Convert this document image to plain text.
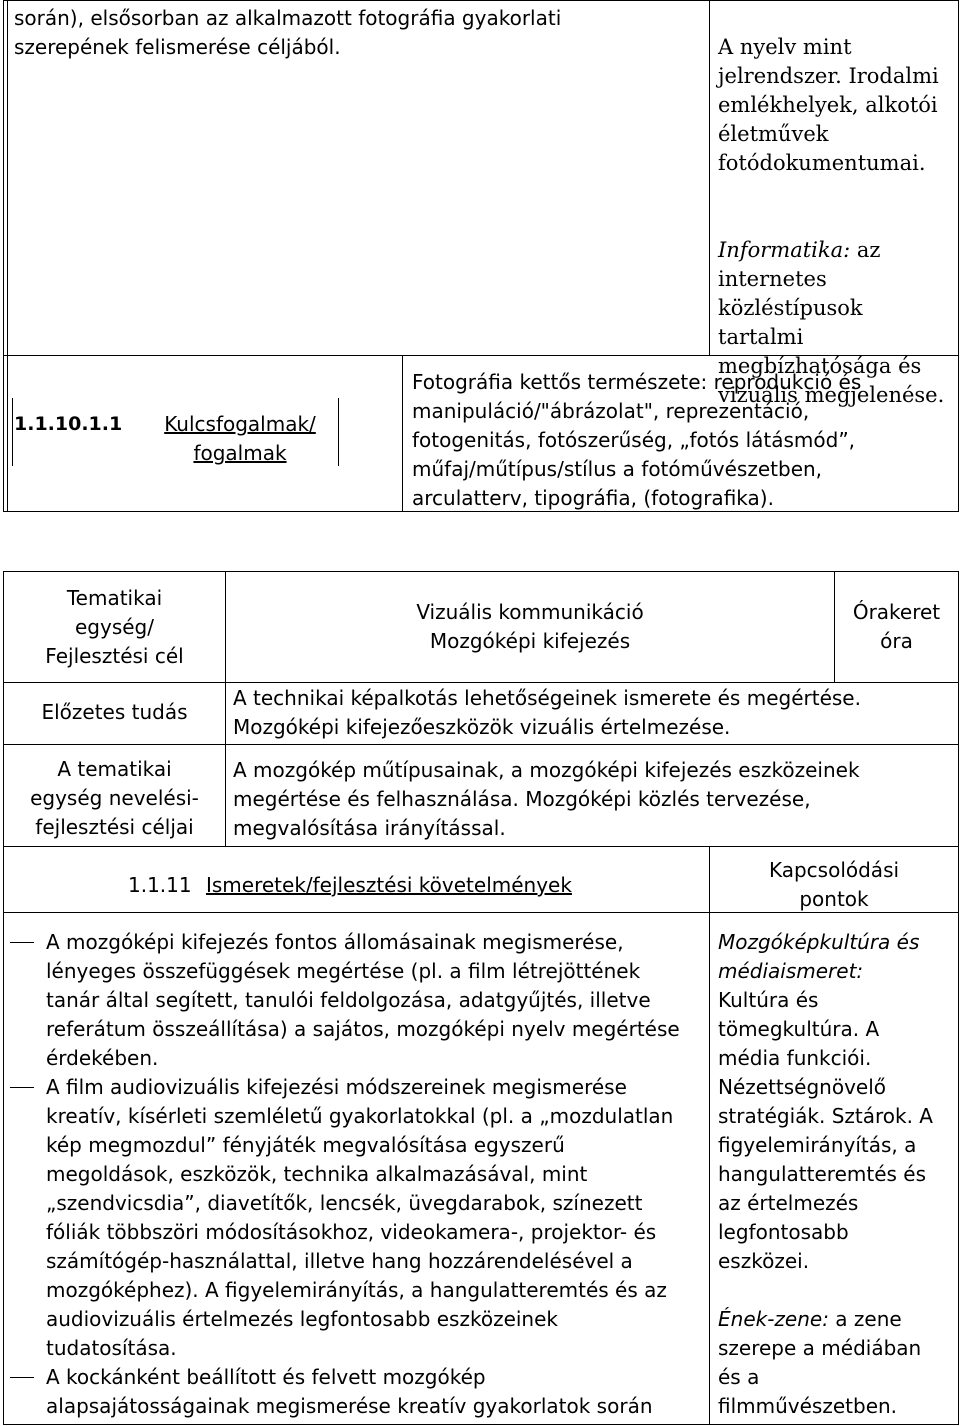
során), elsősorban az alkalmazott fotográfia gyakorlati
szerepének felismerése céljából.	A nyelv mint
jelrendszer. Irodalmi
emlékhelyek, alkotói
életművek
fotódokumentumai.

Informatika: az
internetes
közléstípusok
tartalmi
megbízhatósága és
vizuális megjelenése.

1.1.10.1.1	Kulcsfogalmak/
fogalmak
Fotográfia kettős természete: reprodukció és
manipuláció/"ábrázolat", reprezentáció,
fotogenitás, fotószerűség, „fotós látásmód”,
műfaj/műtípus/stílus a fotóművészetben,
arculatterv, tipográfia, (fotografika).
Tematikai
egység/
Fejlesztési cél
Vizuális kommunikáció
Mozgóképi kifejezés
Órakeret
óra
Előzetes tudás
A technikai képalkotás lehetőségeinek ismerete és megértése.
Mozgóképi kifejezőeszközök vizuális értelmezése.
A tematikai
egység nevelési-
fejlesztési céljai
A mozgókép műtípusainak, a mozgóképi kifejezés eszközeinek
megértése és felhasználása. Mozgóképi közlés tervezése,
megvalósítása irányítással.
1.1.11 Ismeretek/fejlesztési követelmények
Kapcsolódási
pontok
A mozgóképi kifejezés fontos állomásainak megismerése,
lényeges összefüggések megértése (pl. a film létrejöttének
tanár által segített, tanulói feldolgozása, adatgyűjtés, illetve
referátum összeállítása) a sajátos, mozgóképi nyelv megértése
érdekében.
A film audiovizuális kifejezési módszereinek megismerése
kreatív, kísérleti szemléletű gyakorlatokkal (pl. a „mozdulatlan
kép megmozdul” fényjáték megvalósítása egyszerű
megoldások, eszközök, technika alkalmazásával, mint
„szendvicsdia”, diavetítők, lencsék, üvegdarabok, színezett
fóliák többszöri módosításokhoz, videokamera-, projektor- és
számítógép-használattal, illetve hang hozzárendelésével a
mozgóképhez). A figyelemirányítás, a hangulatteremtés és az
audiovizuális értelmezés legfontosabb eszközeinek
tudatosítása.
A kockánként beállított és felvett mozgókép
alapsajátosságainak megismerése kreatív gyakorlatok során

Mozgóképkultúra és
médiaismeret:
Kultúra és
tömegkultúra. A
média funkciói.
Nézettségnövelő
stratégiák. Sztárok. A
figyelemirányítás, a
hangulatteremtés és
az értelmezés
legfontosabb
eszközei.

Ének-zene: a zene
szerepe a médiában
és a
filmművészetben.
